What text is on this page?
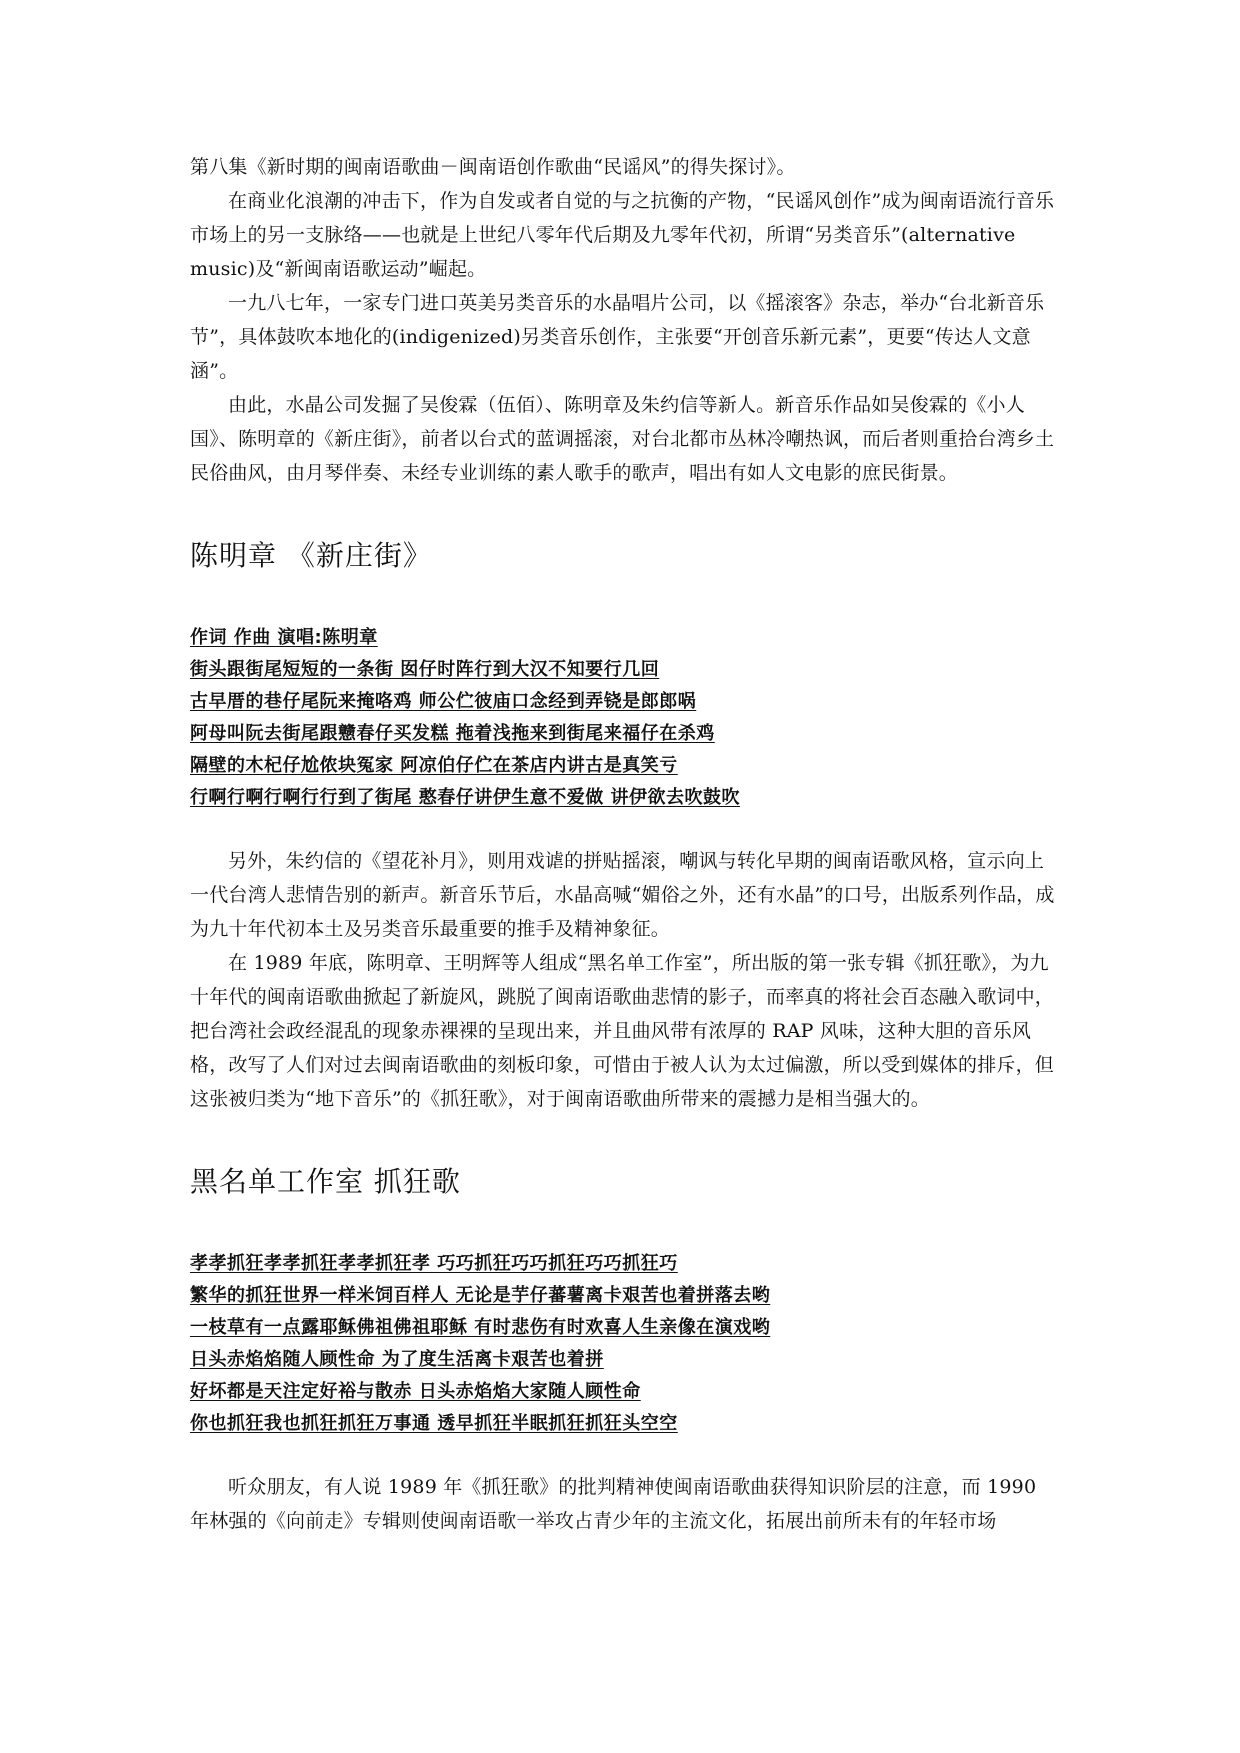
第八集《新时期的闽南语歌曲－闽南语创作歌曲“民谣风”的得失探讨》。

在商业化浪潮的冲击下，作为自发或者自觉的与之抗衡的产物，“民谣风创作”成为闽南语流行音乐市场上的另一支脉络——也就是上世纪八零年代后期及九零年代初，所谓“另类音乐”(alternative music)及“新闽南语歌运动”崛起。

一九八七年，一家专门进口英美另类音乐的水晶唱片公司，以《摇滚客》杂志，举办“台北新音乐节”，具体鼓吹本地化的(indigenized)另类音乐创作，主张要“开创音乐新元素”，更要“传达人文意涵”。

由此，水晶公司发掘了吴俊霖（伍佰）、陈明章及朱约信等新人。新音乐作品如吴俊霖的《小人国》、陈明章的《新庄街》，前者以台式的蓝调摇滚，对台北都市丛林冷嘲热讽，而后者则重拾台湾乡土民俗曲风，由月琴伴奏、未经专业训练的素人歌手的歌声，唱出有如人文电影的庶民街景。

陈明章 《新庄街》
作词 作曲 演唱:陈明章
街头跟街尾短短的一条街 囡仔时阵行到大汉不知要行几回
古早厝的巷仔尾阮来掩咯鸡 师公伫彼庙口念经到弄铙是郎郎㖞
阿母叫阮去街尾跟戆春仔买发糕 拖着浅拖来到街尾来福仔在杀鸡
隔壁的木杞仔尬侬块冤家 阿凉伯仔伫在茶店内讲古是真笑亏
行啊行啊行啊行行到了街尾 憨春仔讲伊生意不爱做 讲伊欲去吹鼓吹

另外，朱约信的《望花补月》，则用戏谑的拼贴摇滚，嘲讽与转化早期的闽南语歌风格，宣示向上一代台湾人悲情告别的新声。新音乐节后，水晶高喊“媚俗之外，还有水晶”的口号，出版系列作品，成为九十年代初本土及另类音乐最重要的推手及精神象征。

在 1989 年底，陈明章、王明辉等人组成“黑名单工作室”，所出版的第一张专辑《抓狂歌》，为九十年代的闽南语歌曲掀起了新旋风，跳脱了闽南语歌曲悲情的影子，而率真的将社会百态融入歌词中，把台湾社会政经混乱的现象赤裸裸的呈现出来，并且曲风带有浓厚的 RAP 风味，这种大胆的音乐风格，改写了人们对过去闽南语歌曲的刻板印象，可惜由于被人认为太过偏激，所以受到媒体的排斥，但这张被归类为“地下音乐”的《抓狂歌》，对于闽南语歌曲所带来的震撼力是相当强大的。

黑名单工作室 抓狂歌
孝孝抓狂孝孝抓狂孝孝抓狂孝 巧巧抓狂巧巧抓狂巧巧抓狂巧
繁华的抓狂世界一样米饲百样人 无论是芋仔蕃薯离卡艰苦也着拼落去哟
一枝草有一点露耶稣佛祖佛祖耶稣 有时悲伤有时欢喜人生亲像在演戏哟
日头赤焰焰随人顾性命 为了度生活离卡艰苦也着拼
好坏都是天注定好裕与散赤 日头赤焰焰大家随人顾性命
你也抓狂我也抓狂抓狂万事通 透早抓狂半眠抓狂抓狂头空空

听众朋友，有人说 1989 年《抓狂歌》的批判精神使闽南语歌曲获得知识阶层的注意，而 1990 年林强的《向前走》专辑则使闽南语歌一举攻占青少年的主流文化，拓展出前所未有的年轻市场
